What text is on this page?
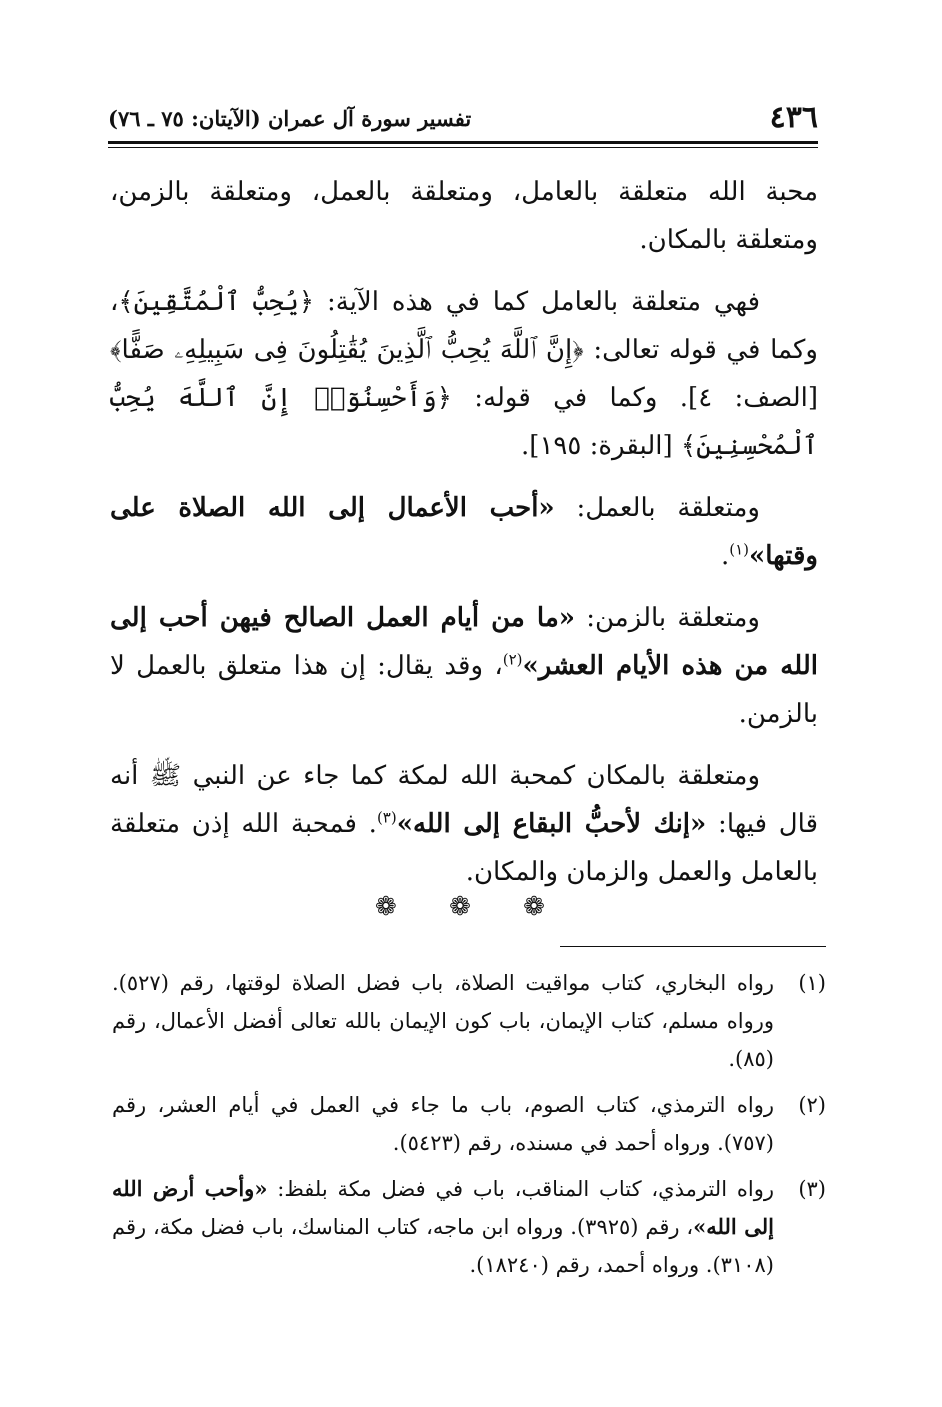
٤٣٦
تفسير سورة آل عمران (الآيتان: ٧٥ ـ ٧٦)

محبة الله متعلقة بالعامل، ومتعلقة بالعمل، ومتعلقة بالزمن، ومتعلقة بالمكان.

فهي متعلقة بالعامل كما في هذه الآية: ﴿يُحِبُّ ٱلْمُتَّقِينَ﴾، وكما في قوله تعالى: ﴿إِنَّ ٱللَّهَ يُحِبُّ ٱلَّذِينَ يُقَٰتِلُونَ فِى سَبِيلِهِۦ صَفًّا﴾ [الصف: ٤]. وكما في قوله: ﴿وَأَحْسِنُوٓا۟ إِنَّ ٱللَّهَ يُحِبُّ ٱلْمُحْسِنِينَ﴾ [البقرة: ١٩٥].

ومتعلقة بالعمل: «أحب الأعمال إلى الله الصلاة على وقتها»$^{(١)}$.

ومتعلقة بالزمن: «ما من أيام العمل الصالح فيهن أحب إلى الله من هذه الأيام العشر»$^{(٢)}$، وقد يقال: إن هذا متعلق بالعمل لا بالزمن.

ومتعلقة بالمكان كمحبة الله لمكة كما جاء عن النبي ﷺ أنه قال فيها: «إنك لأحبُّ البقاع إلى الله»$^{(٣)}$. فمحبة الله إذن متعلقة بالعامل والعمل والزمان والمكان.

❁ ❁ ❁
(١)
رواه البخاري، كتاب مواقيت الصلاة، باب فضل الصلاة لوقتها، رقم (٥٢٧). ورواه مسلم، كتاب الإيمان، باب كون الإيمان بالله تعالى أفضل الأعمال، رقم (٨٥).
(٢)
رواه الترمذي، كتاب الصوم، باب ما جاء في العمل في أيام العشر، رقم (٧٥٧). ورواه أحمد في مسنده، رقم (٥٤٢٣).
(٣)
رواه الترمذي، كتاب المناقب، باب في فضل مكة بلفظ: «وأحب أرض الله إلى الله»، رقم (٣٩٢٥). ورواه ابن ماجه، كتاب المناسك، باب فضل مكة، رقم (٣١٠٨). ورواه أحمد، رقم (١٨٢٤٠).
